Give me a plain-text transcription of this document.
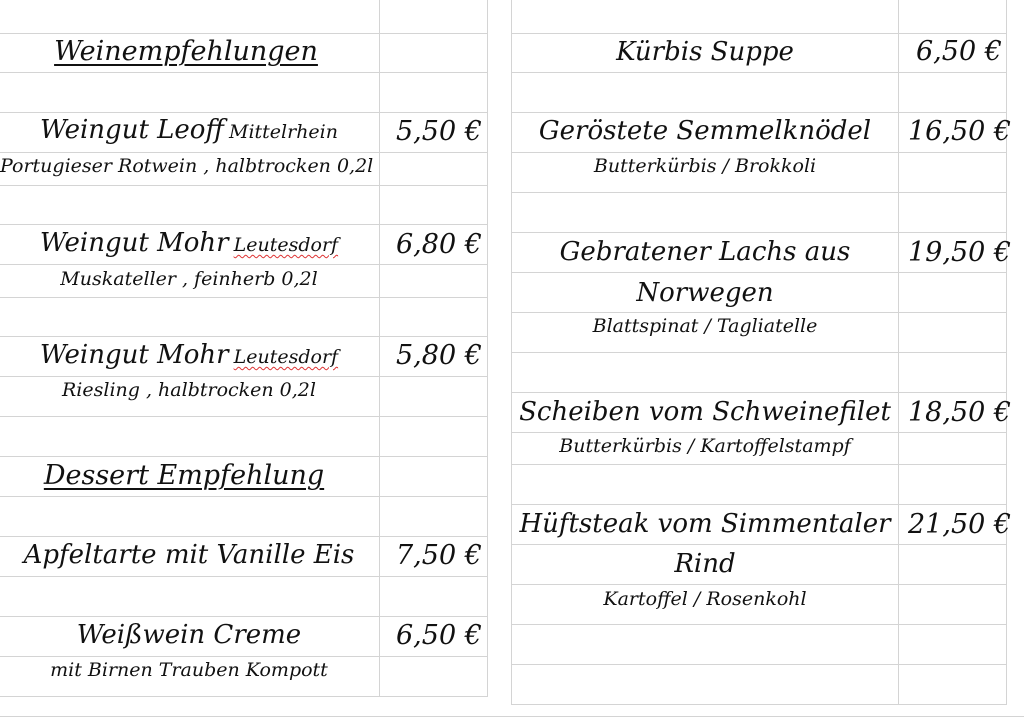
Weinempfehlungen
Weingut Leoff Mittelrhein
Portugieser Rotwein , halbtrocken 0,2l
5,50 €
Weingut Mohr Leutesdorf
Muskateller , feinherb 0,2l
6,80 €
Weingut Mohr Leutesdorf
Riesling , halbtrocken 0,2l
5,80 €
Dessert Empfehlung
Apfeltarte mit Vanille Eis	7,50 €
Weißwein Creme
mit Birnen Trauben Kompott
6,50 €
Kürbis Suppe	6,50 €
Geröstete Semmelknödel
Butterkürbis / Brokkoli
16,50 €
Gebratener Lachs aus
Norwegen
Blattspinat / Tagliatelle
19,50 €
Scheiben vom Schweinefilet
Butterkürbis / Kartoffelstampf
18,50 €
Hüftsteak vom Simmentaler
Rind
Kartoffel / Rosenkohl
21,50 €
